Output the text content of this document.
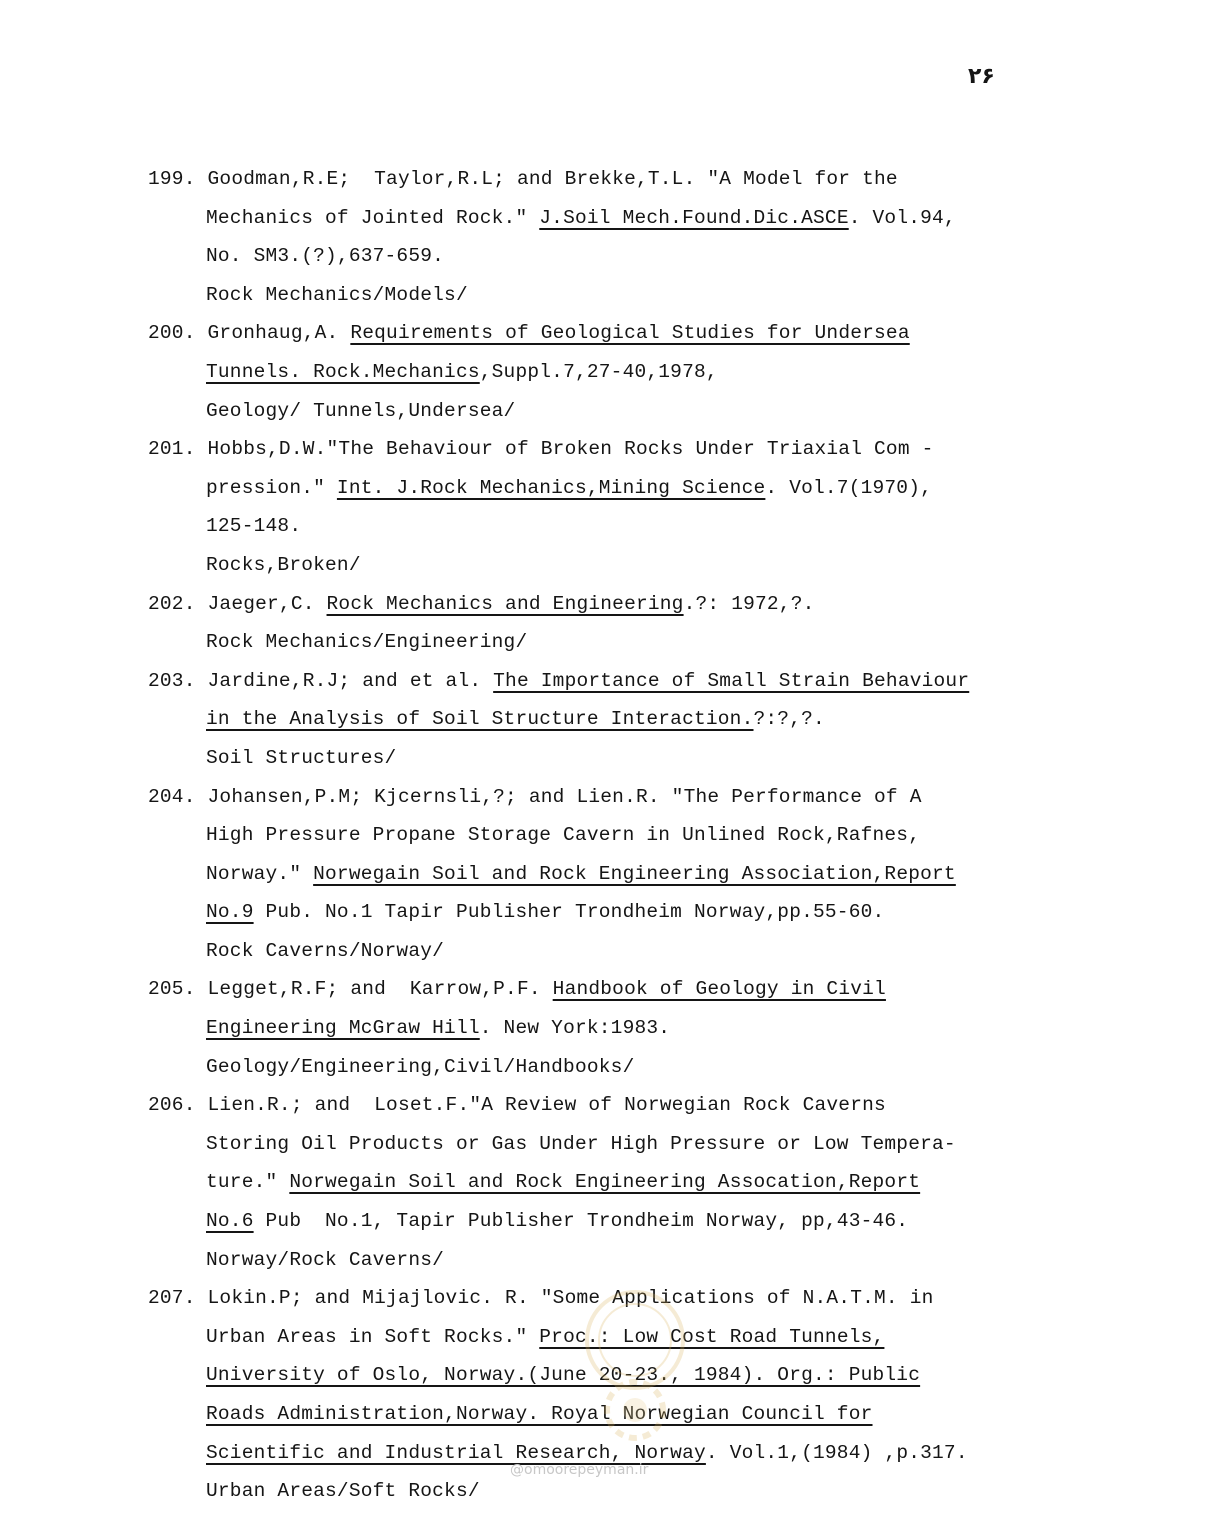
۲۶
199. Goodman,R.E;  Taylor,R.L; and Brekke,T.L. "A Model for the
Mechanics of Jointed Rock." J.Soil Mech.Found.Dic.ASCE. Vol.94,
No. SM3.(?),637-659.
Rock Mechanics/Models/
200. Gronhaug,A. Requirements of Geological Studies for Undersea
Tunnels. Rock.Mechanics,Suppl.7,27-40,1978,
Geology/ Tunnels,Undersea/
201. Hobbs,D.W."The Behaviour of Broken Rocks Under Triaxial Com -
pression." Int. J.Rock Mechanics,Mining Science. Vol.7(1970),
125-148.
Rocks,Broken/
202. Jaeger,C. Rock Mechanics and Engineering.?: 1972,?.
Rock Mechanics/Engineering/
203. Jardine,R.J; and et al. The Importance of Small Strain Behaviour
in the Analysis of Soil Structure Interaction.?:?,?.
Soil Structures/
204. Johansen,P.M; Kjcernsli,?; and Lien.R. "The Performance of A
High Pressure Propane Storage Cavern in Unlined Rock,Rafnes,
Norway." Norwegain Soil and Rock Engineering Association,Report
No.9 Pub. No.1 Tapir Publisher Trondheim Norway,pp.55-60.
Rock Caverns/Norway/
205. Legget,R.F; and  Karrow,P.F. Handbook of Geology in Civil
Engineering McGraw Hill. New York:1983.
Geology/Engineering,Civil/Handbooks/
206. Lien.R.; and  Loset.F."A Review of Norwegian Rock Caverns
Storing Oil Products or Gas Under High Pressure or Low Tempera-
ture." Norwegain Soil and Rock Engineering Assocation,Report
No.6 Pub  No.1, Tapir Publisher Trondheim Norway, pp,43-46.
Norway/Rock Caverns/
207. Lokin.P; and Mijajlovic. R. "Some Applications of N.A.T.M. in
Urban Areas in Soft Rocks." Proc.: Low Cost Road Tunnels,
University of Oslo, Norway.(June 20-23., 1984). Org.: Public
Roads Administration,Norway. Royal Norwegian Council for
Scientific and Industrial Research, Norway. Vol.1,(1984) ,p.317.
Urban Areas/Soft Rocks/
@omoorepeyman.ir
